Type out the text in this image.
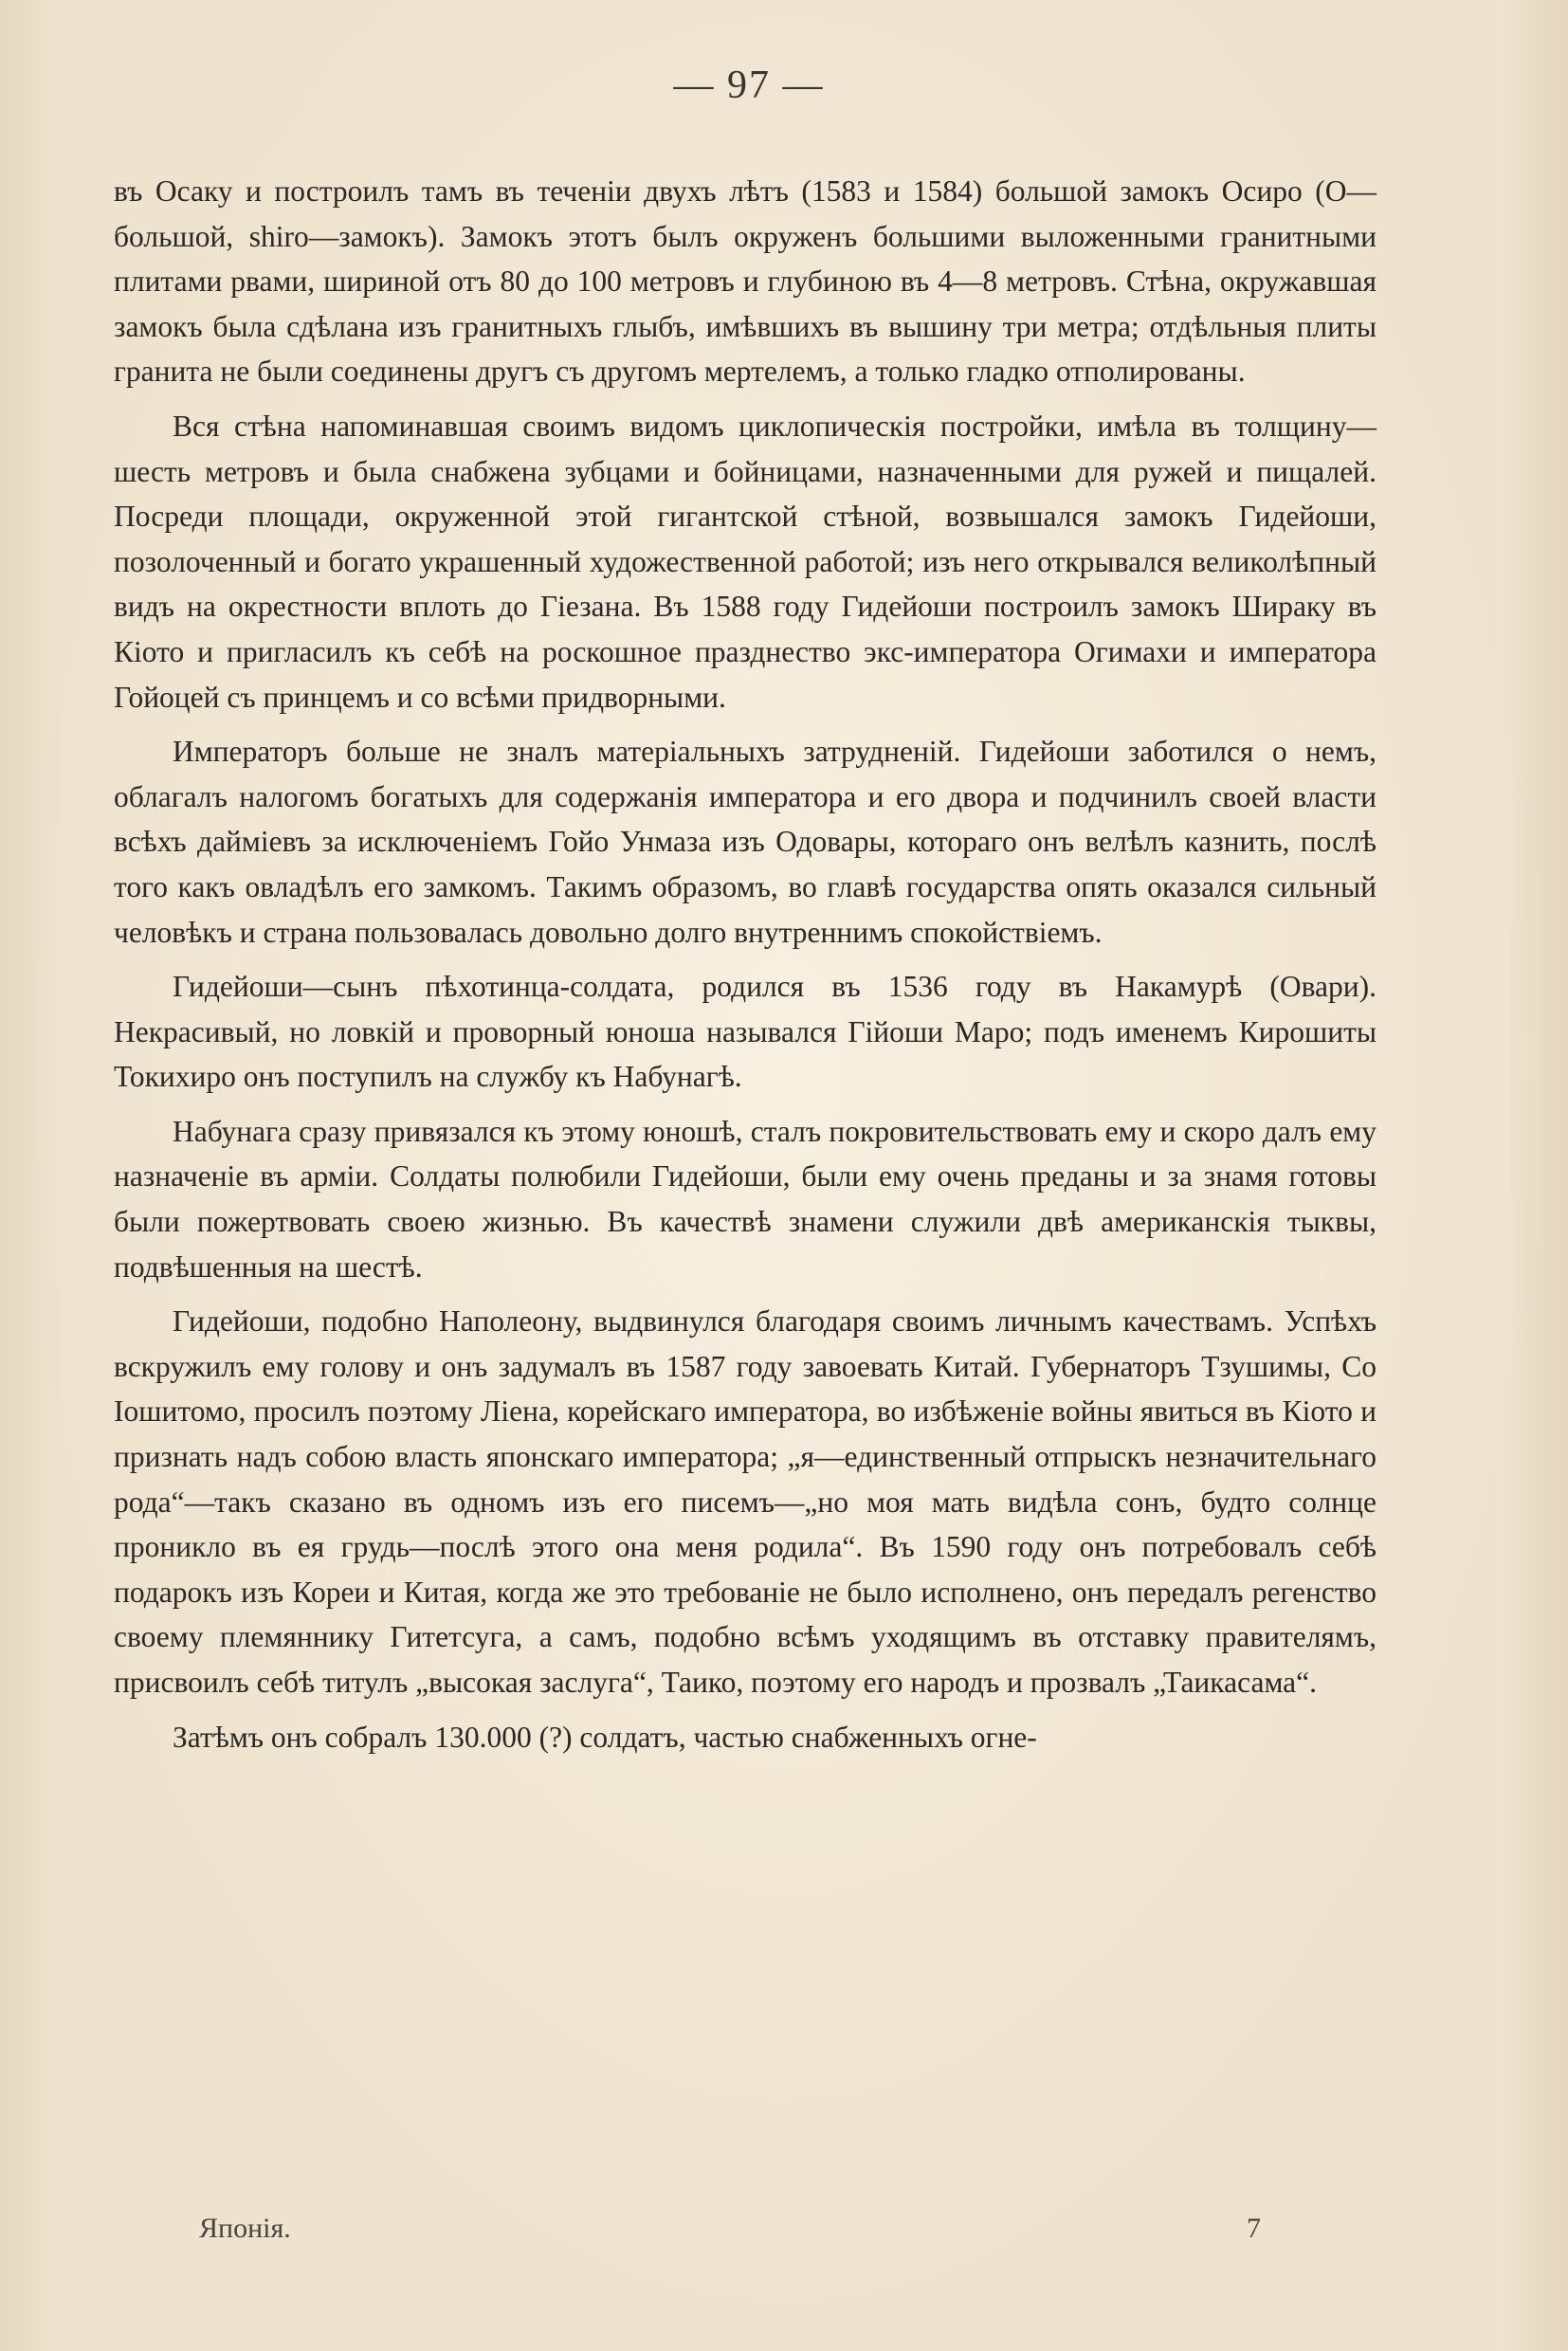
— 97 —

въ Осаку и построилъ тамъ въ теченіи двухъ лѣтъ (1583 и 1584) большой замокъ Осиро (O—большой, shiro—замокъ). Замокъ этотъ былъ окруженъ большими выложенными гранитными плитами рвами, шириной отъ 80 до 100 метровъ и глубиною въ 4—8 метровъ. Стѣна, окружавшая замокъ была сдѣлана изъ гранитныхъ глыбъ, имѣвшихъ въ вышину три метра; отдѣльныя плиты гранита не были соединены другъ съ другомъ мертелемъ, а только гладко отполированы.

Вся стѣна напоминавшая своимъ видомъ циклопическія постройки, имѣла въ толщину—шесть метровъ и была снабжена зубцами и бойницами, назначенными для ружей и пищалей. Посреди площади, окруженной этой гигантской стѣной, возвышался замокъ Гидейоши, позолоченный и богато украшенный художественной работой; изъ него открывался великолѣпный видъ на окрестности вплоть до Гiезана. Въ 1588 году Гидейоши построилъ замокъ Шираку въ Кіото и пригласилъ къ себѣ на роскошное празднество экс-императора Огимахи и императора Гойоцей съ принцемъ и со всѣми придворными.

Императоръ больше не зналъ матеріальныхъ затрудненій. Гидейоши заботился о немъ, облагалъ налогомъ богатыхъ для содержанія императора и его двора и подчинилъ своей власти всѣхъ даймiевъ за исключеніемъ Гойо Унмаза изъ Одовары, котораго онъ велѣлъ казнить, послѣ того какъ овладѣлъ его замкомъ. Такимъ образомъ, во главѣ государства опять оказался сильный человѣкъ и страна пользовалась довольно долго внутреннимъ спокойствіемъ.

Гидейоши—сынъ пѣхотинца-солдата, родился въ 1536 году въ Накамурѣ (Овари). Некрасивый, но ловкій и проворный юноша назывался Гійоши Маро; подъ именемъ Кирошиты Токихиро онъ поступилъ на службу къ Набунагѣ.

Набунага сразу привязался къ этому юношѣ, сталъ покровительствовать ему и скоро далъ ему назначеніе въ арміи. Солдаты полюбили Гидейоши, были ему очень преданы и за знамя готовы были пожертвовать своею жизнью. Въ качествѣ знамени служили двѣ американскія тыквы, подвѣшенныя на шестѣ.

Гидейоши, подобно Наполеону, выдвинулся благодаря своимъ личнымъ качествамъ. Успѣхъ вскружилъ ему голову и онъ задумалъ въ 1587 году завоевать Китай. Губернаторъ Тзушимы, Со Іошитомо, просилъ поэтому Ліена, корейскаго императора, во избѣженіе войны явиться въ Кіото и признать надъ собою власть японскаго императора; „я—единственный отпрыскъ незначительнаго рода“—такъ сказано въ одномъ изъ его писемъ—„но моя мать видѣла сонъ, будто солнце проникло въ ея грудь—послѣ этого она меня родила“. Въ 1590 году онъ потребовалъ себѣ подарокъ изъ Кореи и Китая, когда же это требованіе не было исполнено, онъ передалъ регенство своему племяннику Гитетсуга, а самъ, подобно всѣмъ уходящимъ въ отставку правителямъ, присвоилъ себѣ титулъ „высокая заслуга“, Таико, поэтому его народъ и прозвалъ „Таикасама“.

Затѣмъ онъ собралъ 130.000 (?) солдатъ, частью снабженныхъ огне-

Японія.	7
